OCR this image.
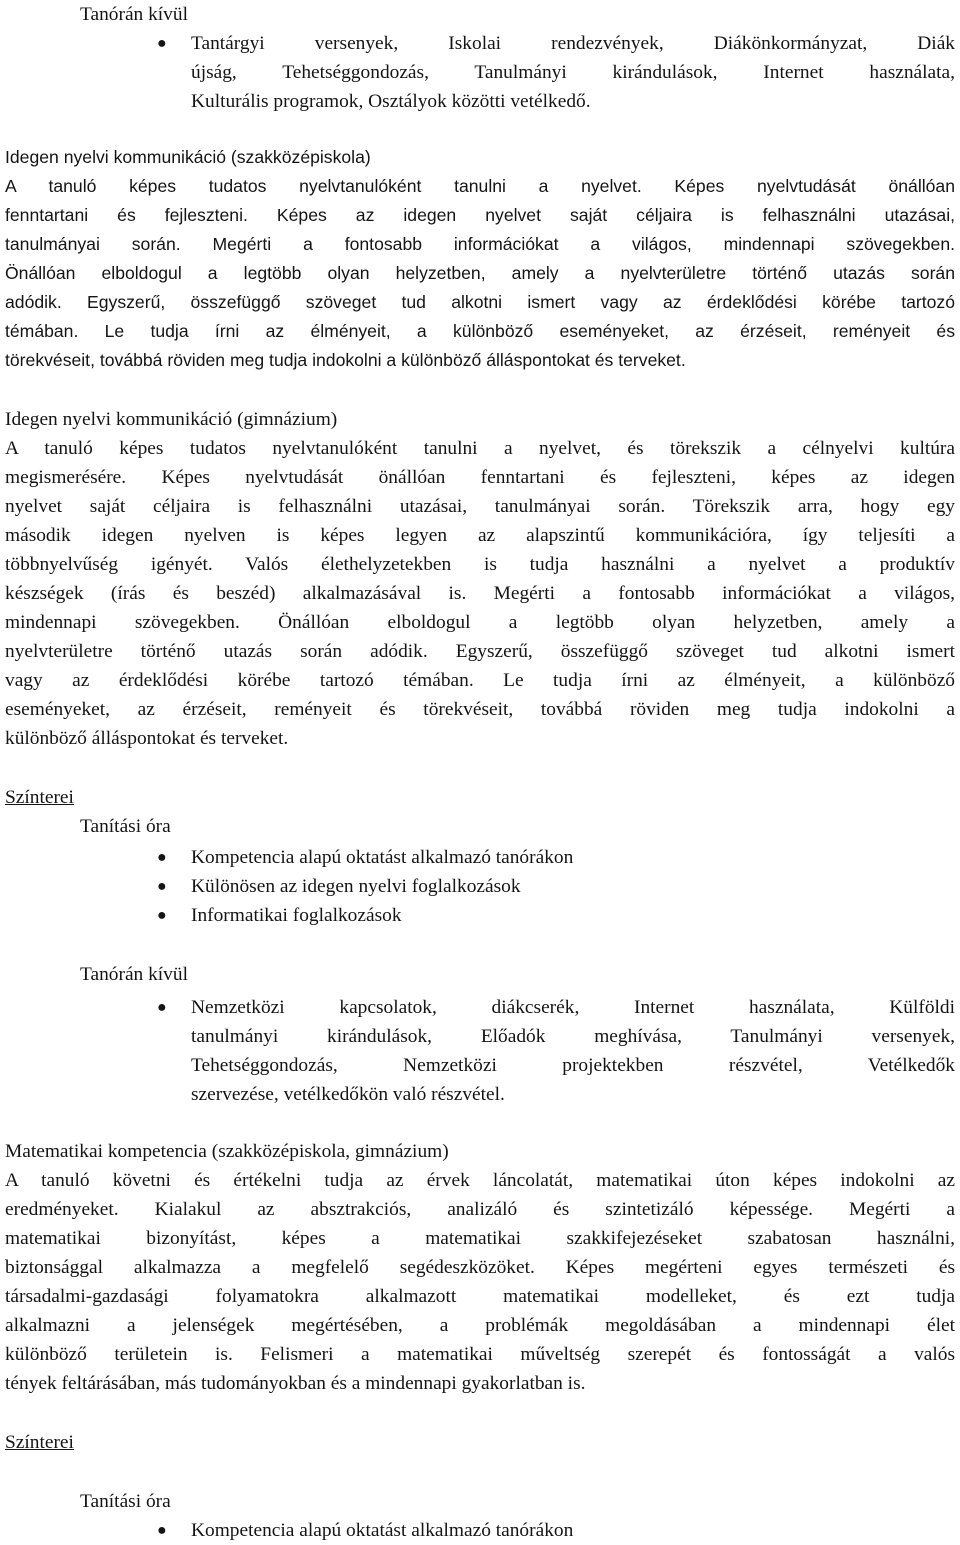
Tanórán kívül
● Tantárgyi versenyek, Iskolai rendezvények, Diákönkormányzat, Diák
újság, Tehetséggondozás, Tanulmányi kirándulások, Internet használata,
Kulturális programok, Osztályok közötti vetélkedő.
Idegen nyelvi kommunikáció (szakközépiskola)
A tanuló képes tudatos nyelvtanulóként tanulni a nyelvet. Képes nyelvtudását önállóan
fenntartani és fejleszteni. Képes az idegen nyelvet saját céljaira is felhasználni utazásai,
tanulmányai során. Megérti a fontosabb információkat a világos, mindennapi szövegekben.
Önállóan elboldogul a legtöbb olyan helyzetben, amely a nyelvterületre történő utazás során
adódik. Egyszerű, összefüggő szöveget tud alkotni ismert vagy az érdeklődési körébe tartozó
témában. Le tudja írni az élményeit, a különböző eseményeket, az érzéseit, reményeit és
törekvéseit, továbbá röviden meg tudja indokolni a különböző álláspontokat és terveket.
Idegen nyelvi kommunikáció (gimnázium)
A tanuló képes tudatos nyelvtanulóként tanulni a nyelvet, és törekszik a célnyelvi kultúra
megismerésére. Képes nyelvtudását önállóan fenntartani és fejleszteni, képes az idegen
nyelvet saját céljaira is felhasználni utazásai, tanulmányai során. Törekszik arra, hogy egy
második idegen nyelven is képes legyen az alapszintű kommunikációra, így teljesíti a
többnyelvűség igényét. Valós élethelyzetekben is tudja használni a nyelvet a produktív
készségek (írás és beszéd) alkalmazásával is. Megérti a fontosabb információkat a világos,
mindennapi szövegekben. Önállóan elboldogul a legtöbb olyan helyzetben, amely a
nyelvterületre történő utazás során adódik. Egyszerű, összefüggő szöveget tud alkotni ismert
vagy az érdeklődési körébe tartozó témában. Le tudja írni az élményeit, a különböző
eseményeket, az érzéseit, reményeit és törekvéseit, továbbá röviden meg tudja indokolni a
különböző álláspontokat és terveket.
Színterei
Tanítási óra
● Kompetencia alapú oktatást alkalmazó tanórákon
● Különösen az idegen nyelvi foglalkozások
● Informatikai foglalkozások
Tanórán kívül
● Nemzetközi kapcsolatok, diákcserék, Internet használata, Külföldi
tanulmányi kirándulások, Előadók meghívása, Tanulmányi versenyek,
Tehetséggondozás, Nemzetközi projektekben részvétel, Vetélkedők
szervezése, vetélkedőkön való részvétel.
Matematikai kompetencia (szakközépiskola, gimnázium)
A tanuló követni és értékelni tudja az érvek láncolatát, matematikai úton képes indokolni az
eredményeket. Kialakul az absztrakciós, analizáló és szintetizáló képessége. Megérti a
matematikai bizonyítást, képes a matematikai szakkifejezéseket szabatosan használni,
biztonsággal alkalmazza a megfelelő segédeszközöket. Képes megérteni egyes természeti és
társadalmi-gazdasági folyamatokra alkalmazott matematikai modelleket, és ezt tudja
alkalmazni a jelenségek megértésében, a problémák megoldásában a mindennapi élet
különböző területein is. Felismeri a matematikai műveltség szerepét és fontosságát a valós
tények feltárásában, más tudományokban és a mindennapi gyakorlatban is.
Színterei
Tanítási óra
● Kompetencia alapú oktatást alkalmazó tanórákon
